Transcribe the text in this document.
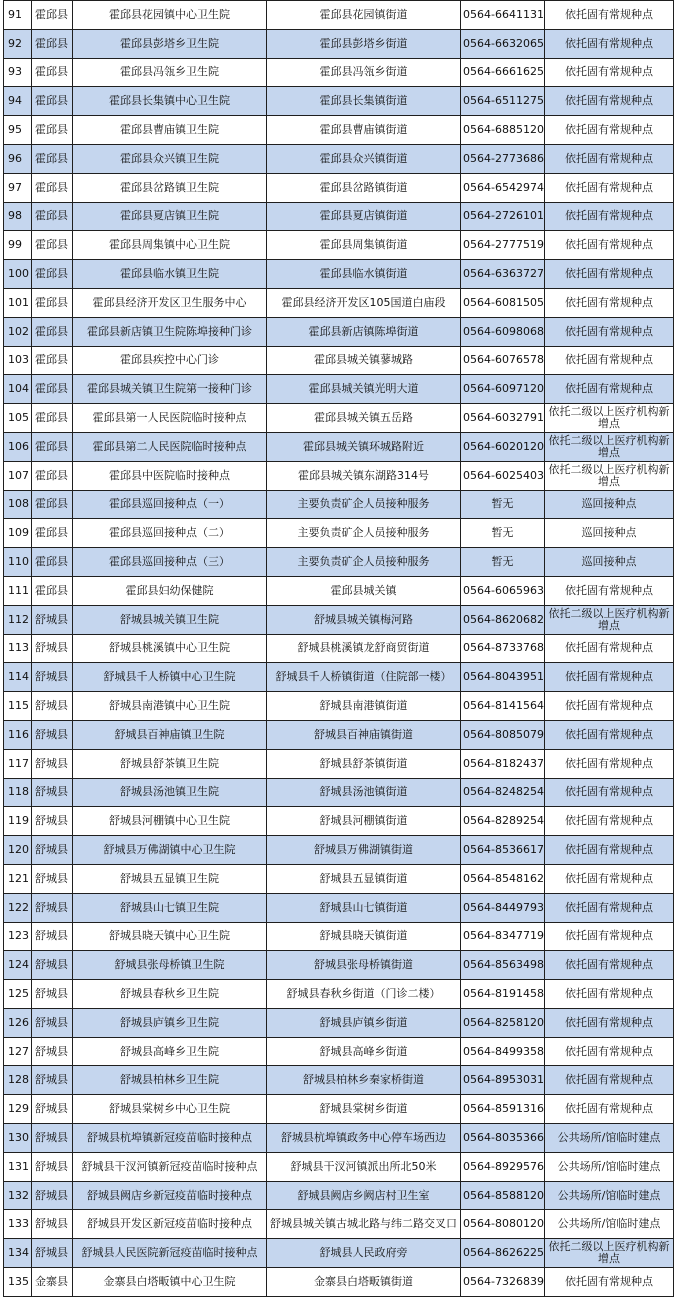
91	霍邱县	霍邱县花园镇中心卫生院	霍邱县花园镇街道	0564-6641131	依托固有常规种点
92	霍邱县	霍邱县彭塔乡卫生院	霍邱县彭塔乡街道	0564-6632065	依托固有常规种点
93	霍邱县	霍邱县冯瓴乡卫生院	霍邱县冯瓴乡街道	0564-6661625	依托固有常规种点
94	霍邱县	霍邱县长集镇中心卫生院	霍邱县长集镇街道	0564-6511275	依托固有常规种点
95	霍邱县	霍邱县曹庙镇卫生院	霍邱县曹庙镇街道	0564-6885120	依托固有常规种点
96	霍邱县	霍邱县众兴镇卫生院	霍邱县众兴镇街道	0564-2773686	依托固有常规种点
97	霍邱县	霍邱县岔路镇卫生院	霍邱县岔路镇街道	0564-6542974	依托固有常规种点
98	霍邱县	霍邱县夏店镇卫生院	霍邱县夏店镇街道	0564-2726101	依托固有常规种点
99	霍邱县	霍邱县周集镇中心卫生院	霍邱县周集镇街道	0564-2777519	依托固有常规种点
100	霍邱县	霍邱县临水镇卫生院	霍邱县临水镇街道	0564-6363727	依托固有常规种点
101	霍邱县	霍邱县经济开发区卫生服务中心	霍邱县经济开发区105国道白庙段	0564-6081505	依托固有常规种点
102	霍邱县	霍邱县新店镇卫生院陈埠接种门诊	霍邱县新店镇陈埠街道	0564-6098068	依托固有常规种点
103	霍邱县	霍邱县疾控中心门诊	霍邱县城关镇蓼城路	0564-6076578	依托固有常规种点
104	霍邱县	霍邱县城关镇卫生院第一接种门诊	霍邱县城关镇光明大道	0564-6097120	依托固有常规种点
105	霍邱县	霍邱县第一人民医院临时接种点	霍邱县城关镇五岳路	0564-6032791	依托二级以上医疗机构新增点
106	霍邱县	霍邱县第二人民医院临时接种点	霍邱县城关镇环城路附近	0564-6020120	依托二级以上医疗机构新增点
107	霍邱县	霍邱县中医院临时接种点	霍邱县城关镇东湖路314号	0564-6025403	依托二级以上医疗机构新增点
108	霍邱县	霍邱县巡回接种点（一）	主要负责矿企人员接种服务	暂无	巡回接种点
109	霍邱县	霍邱县巡回接种点（二）	主要负责矿企人员接种服务	暂无	巡回接种点
110	霍邱县	霍邱县巡回接种点（三）	主要负责矿企人员接种服务	暂无	巡回接种点
111	霍邱县	霍邱县妇幼保健院	霍邱县城关镇	0564-6065963	依托固有常规种点
112	舒城县	舒城县城关镇卫生院	舒城县城关镇梅河路	0564-8620682	依托二级以上医疗机构新增点
113	舒城县	舒城县桃溪镇中心卫生院	舒城县桃溪镇龙舒商贸街道	0564-8733768	依托固有常规种点
114	舒城县	舒城县千人桥镇中心卫生院	舒城县千人桥镇街道（住院部一楼）	0564-8043951	依托固有常规种点
115	舒城县	舒城县南港镇中心卫生院	舒城县南港镇街道	0564-8141564	依托固有常规种点
116	舒城县	舒城县百神庙镇卫生院	舒城县百神庙镇街道	0564-8085079	依托固有常规种点
117	舒城县	舒城县舒茶镇卫生院	舒城县舒茶镇街道	0564-8182437	依托固有常规种点
118	舒城县	舒城县汤池镇卫生院	舒城县汤池镇街道	0564-8248254	依托固有常规种点
119	舒城县	舒城县河棚镇中心卫生院	舒城县河棚镇街道	0564-8289254	依托固有常规种点
120	舒城县	舒城县万佛湖镇中心卫生院	舒城县万佛湖镇街道	0564-8536617	依托固有常规种点
121	舒城县	舒城县五显镇卫生院	舒城县五显镇街道	0564-8548162	依托固有常规种点
122	舒城县	舒城县山七镇卫生院	舒城县山七镇街道	0564-8449793	依托固有常规种点
123	舒城县	舒城县晓天镇中心卫生院	舒城县晓天镇街道	0564-8347719	依托固有常规种点
124	舒城县	舒城县张母桥镇卫生院	舒城县张母桥镇街道	0564-8563498	依托固有常规种点
125	舒城县	舒城县春秋乡卫生院	舒城县春秋乡街道（门诊二楼）	0564-8191458	依托固有常规种点
126	舒城县	舒城县庐镇乡卫生院	舒城县庐镇乡街道	0564-8258120	依托固有常规种点
127	舒城县	舒城县高峰乡卫生院	舒城县高峰乡街道	0564-8499358	依托固有常规种点
128	舒城县	舒城县柏林乡卫生院	舒城县柏林乡秦家桥街道	0564-8953031	依托固有常规种点
129	舒城县	舒城县棠树乡中心卫生院	舒城县棠树乡街道	0564-8591316	依托固有常规种点
130	舒城县	舒城县杭埠镇新冠疫苗临时接种点	舒城县杭埠镇政务中心停车场西边	0564-8035366	公共场所/馆临时建点
131	舒城县	舒城县干汊河镇新冠疫苗临时接种点	舒城县干汊河镇派出所北50米	0564-8929576	公共场所/馆临时建点
132	舒城县	舒城县阙店乡新冠疫苗临时接种点	舒城县阙店乡阙店村卫生室	0564-8588120	公共场所/馆临时建点
133	舒城县	舒城县开发区新冠疫苗临时接种点	舒城县城关镇古城北路与纬二路交叉口	0564-8080120	公共场所/馆临时建点
134	舒城县	舒城县人民医院新冠疫苗临时接种点	舒城县人民政府旁	0564-8626225	依托二级以上医疗机构新增点
135	金寨县	金寨县白塔畈镇中心卫生院	金寨县白塔畈镇街道	0564-7326839	依托固有常规种点
